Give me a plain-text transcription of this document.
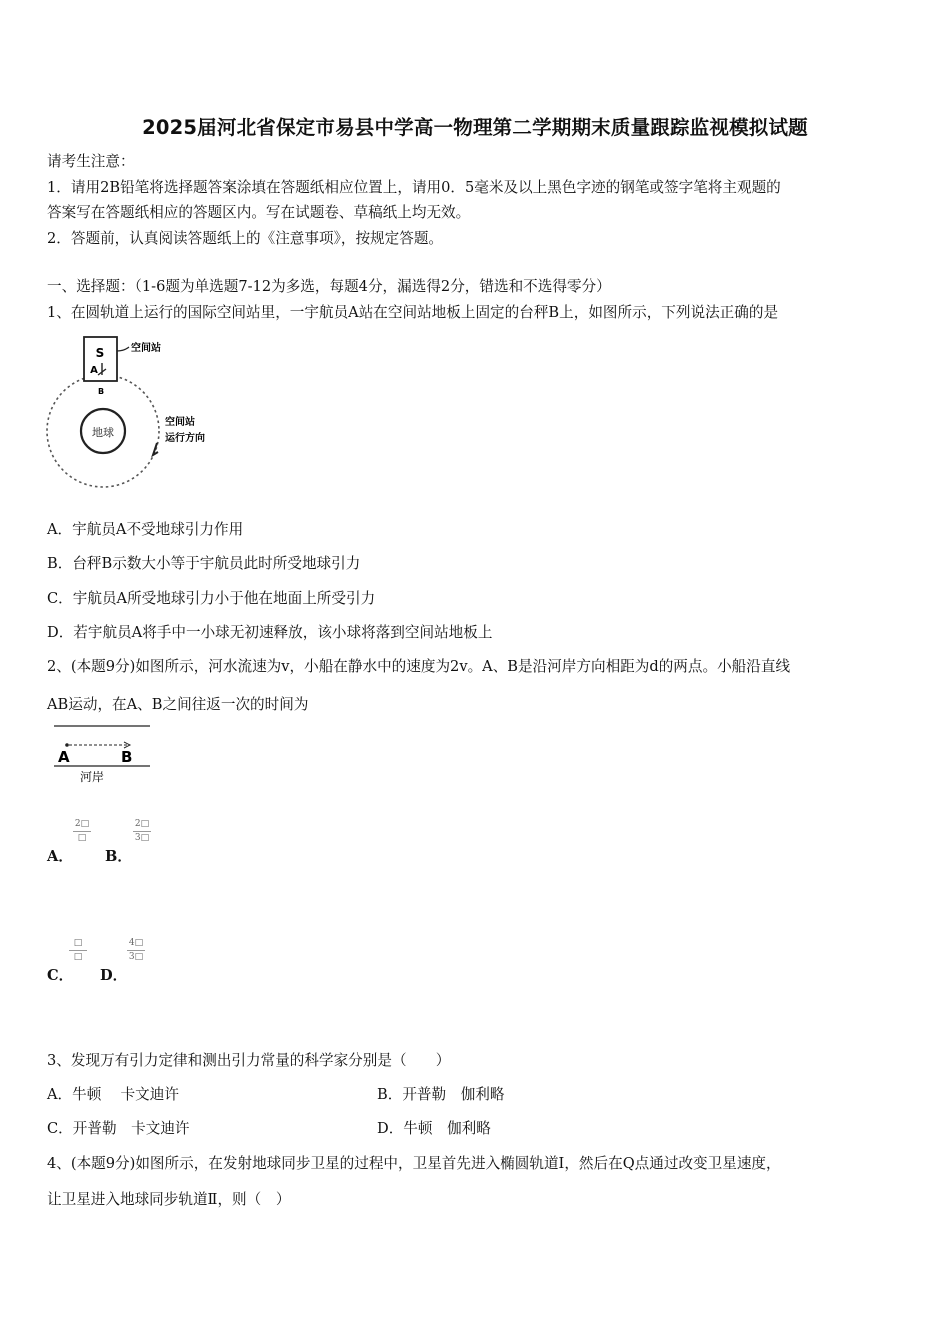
2025届河北省保定市易县中学高一物理第二学期期末质量跟踪监视模拟试题
请考生注意：
1．请用2B铅笔将选择题答案涂填在答题纸相应位置上，请用0．5毫米及以上黑色字迹的钢笔或签字笔将主观题的
答案写在答题纸相应的答题区内。写在试题卷、草稿纸上均无效。
2．答题前，认真阅读答题纸上的《注意事项》，按规定答题。
一、选择题：（1-6题为单选题7-12为多选，每题4分，漏选得2分，错选和不选得零分）
1、在圆轨道上运行的国际空间站里，一宇航员A站在空间站地板上固定的台秤B上，如图所示，下列说法正确的是
地球
S
A
B
空间站
空间站
运行方向
A．宇航员A不受地球引力作用
B．台秤B示数大小等于宇航员此时所受地球引力
C．宇航员A所受地球引力小于他在地面上所受引力
D．若宇航员A将手中一小球无初速释放，该小球将落到空间站地板上
2、(本题9分)如图所示，河水流速为v，小船在静水中的速度为2v。A、B是沿河岸方向相距为d的两点。小船沿直线
AB运动，在A、B之间往返一次的时间为
A	B
河岸
A．
2□
□
B．
2□
3□
C．
□
□
D．
4□
3□
3、发现万有引力定律和测出引力常量的科学家分别是（　　）
A．牛顿　 卡文迪许	B．开普勒　伽利略
C．开普勒　卡文迪许	D．牛顿　伽利略
4、(本题9分)如图所示，在发射地球同步卫星的过程中，卫星首先进入椭圆轨道Ⅰ，然后在Q点通过改变卫星速度，
让卫星进入地球同步轨道Ⅱ，则（　）
